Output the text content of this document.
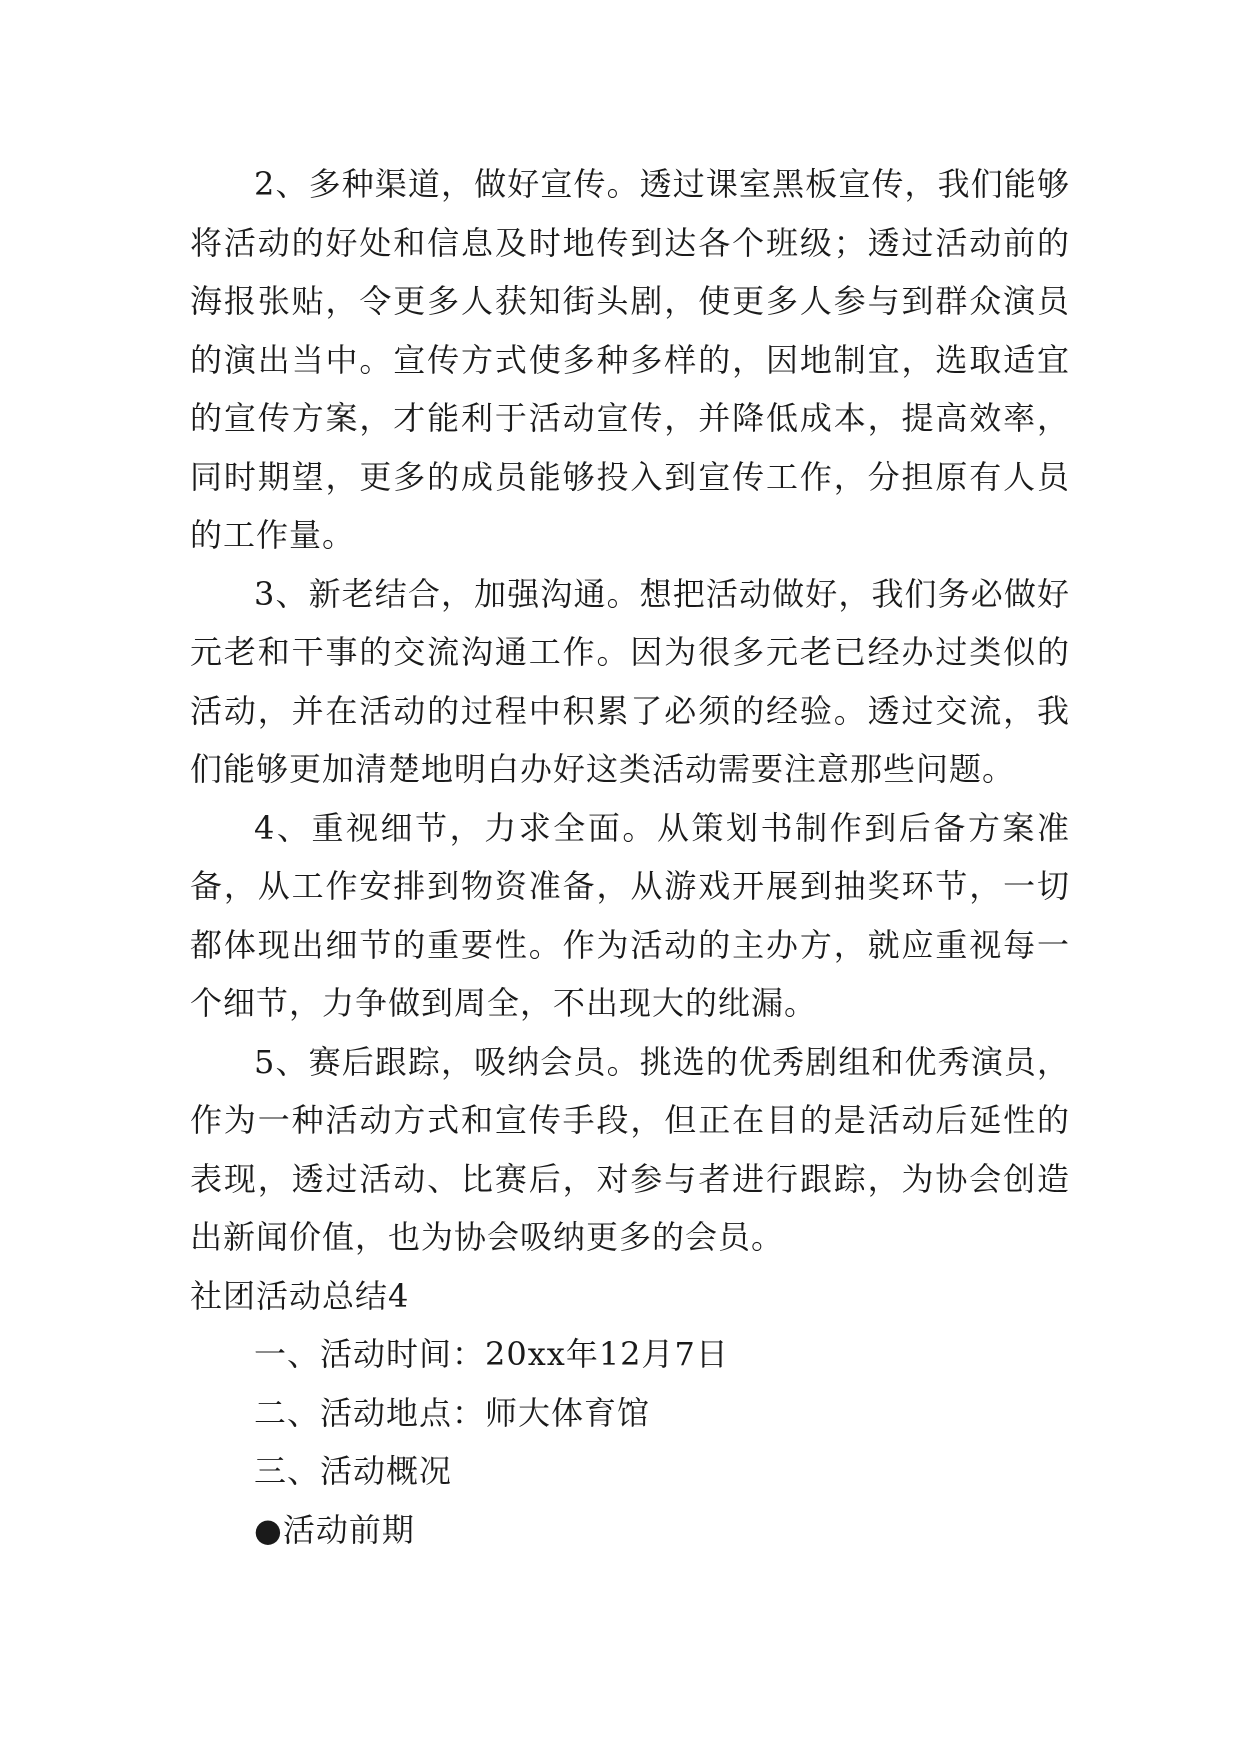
2、多种渠道，做好宣传。透过课室黑板宣传，我们能够将活动的好处和信息及时地传到达各个班级；透过活动前的海报张贴，令更多人获知街头剧，使更多人参与到群众演员的演出当中。宣传方式使多种多样的，因地制宜，选取适宜的宣传方案，才能利于活动宣传，并降低成本，提高效率，同时期望，更多的成员能够投入到宣传工作，分担原有人员的工作量。

3、新老结合，加强沟通。想把活动做好，我们务必做好元老和干事的交流沟通工作。因为很多元老已经办过类似的活动，并在活动的过程中积累了必须的经验。透过交流，我们能够更加清楚地明白办好这类活动需要注意那些问题。

4、重视细节，力求全面。从策划书制作到后备方案准备，从工作安排到物资准备，从游戏开展到抽奖环节，一切都体现出细节的重要性。作为活动的主办方，就应重视每一个细节，力争做到周全，不出现大的纰漏。

5、赛后跟踪，吸纳会员。挑选的优秀剧组和优秀演员，作为一种活动方式和宣传手段，但正在目的是活动后延性的表现，透过活动、比赛后，对参与者进行跟踪，为协会创造出新闻价值，也为协会吸纳更多的会员。

社团活动总结4

一、活动时间：20xx年12月7日

二、活动地点：师大体育馆

三、活动概况

●活动前期
